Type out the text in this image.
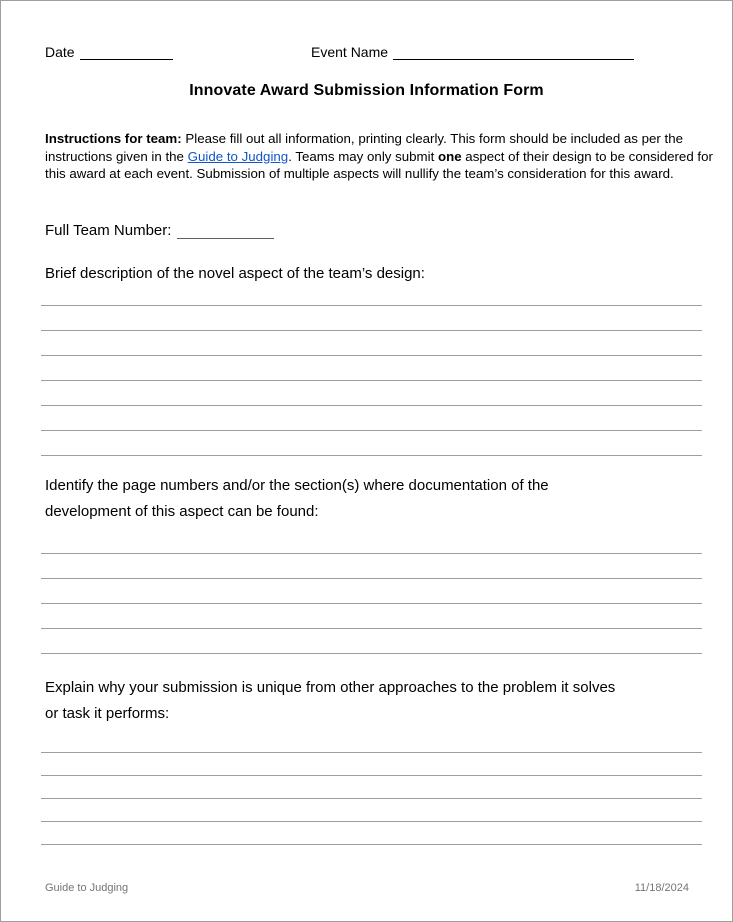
Date	Event Name
Innovate Award Submission Information Form
Instructions for team: Please fill out all information, printing clearly. This form should be included as per the instructions given in the Guide to Judging. Teams may only submit one aspect of their design to be considered for this award at each event. Submission of multiple aspects will nullify the team’s consideration for this award.
Full Team Number:
Brief description of the novel aspect of the team’s design:
Identify the page numbers and/or the section(s) where documentation of the
development of this aspect can be found:
Explain why your submission is unique from other approaches to the problem it solves
or task it performs:
Guide to Judging	11/18/2024
